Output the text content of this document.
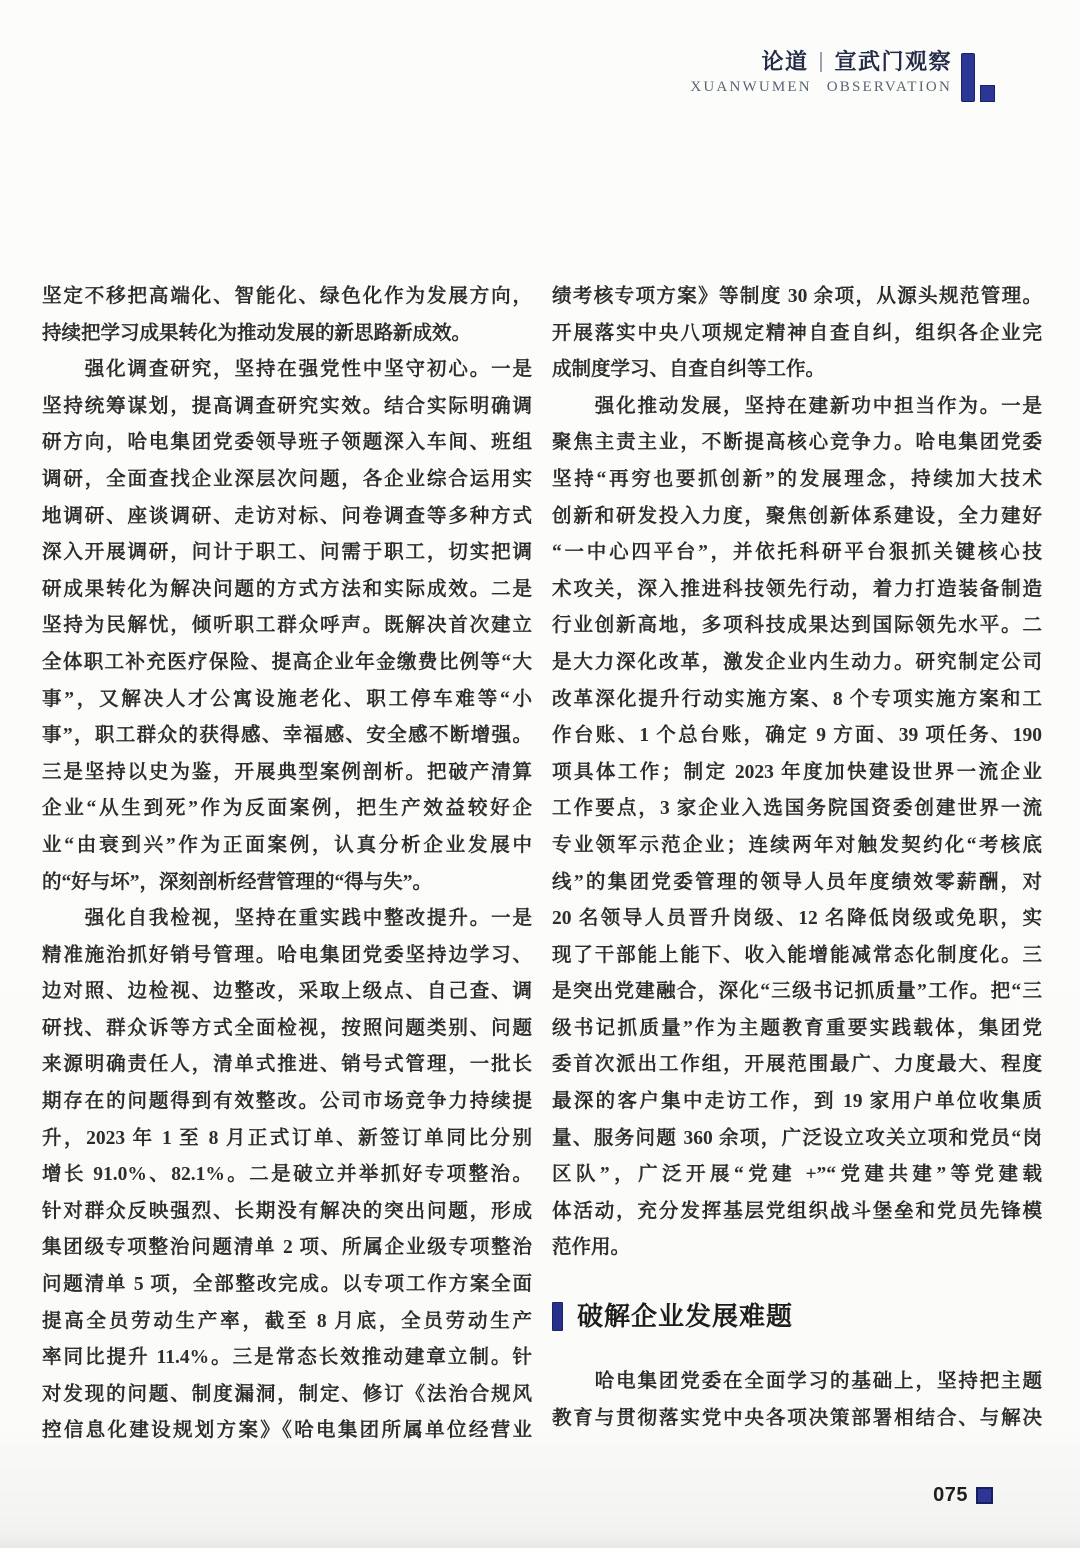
论道 宣武门观察
XUANWUMEN OBSERVATION
坚定不移把高端化、智能化、绿色化作为发展方向，
持续把学习成果转化为推动发展的新思路新成效。
　　强化调查研究，坚持在强党性中坚守初心。一是
坚持统筹谋划，提高调查研究实效。结合实际明确调
研方向，哈电集团党委领导班子领题深入车间、班组
调研，全面查找企业深层次问题，各企业综合运用实
地调研、座谈调研、走访对标、问卷调查等多种方式
深入开展调研，问计于职工、问需于职工，切实把调
研成果转化为解决问题的方式方法和实际成效。二是
坚持为民解忧，倾听职工群众呼声。既解决首次建立
全体职工补充医疗保险、提高企业年金缴费比例等“大
事”，又解决人才公寓设施老化、职工停车难等“小
事”，职工群众的获得感、幸福感、安全感不断增强。
三是坚持以史为鉴，开展典型案例剖析。把破产清算
企业“从生到死”作为反面案例，把生产效益较好企
业“由衰到兴”作为正面案例，认真分析企业发展中
的“好与坏”，深刻剖析经营管理的“得与失”。
　　强化自我检视，坚持在重实践中整改提升。一是
精准施治抓好销号管理。哈电集团党委坚持边学习、
边对照、边检视、边整改，采取上级点、自己查、调
研找、群众诉等方式全面检视，按照问题类别、问题
来源明确责任人，清单式推进、销号式管理，一批长
期存在的问题得到有效整改。公司市场竞争力持续提
升，2023 年 1 至 8 月正式订单、新签订单同比分别
增长 91.0%、82.1%。二是破立并举抓好专项整治。
针对群众反映强烈、长期没有解决的突出问题，形成
集团级专项整治问题清单 2 项、所属企业级专项整治
问题清单 5 项，全部整改完成。以专项工作方案全面
提高全员劳动生产率，截至 8 月底，全员劳动生产
率同比提升 11.4%。三是常态长效推动建章立制。针
对发现的问题、制度漏洞，制定、修订《法治合规风
控信息化建设规划方案》《哈电集团所属单位经营业
绩考核专项方案》等制度 30 余项，从源头规范管理。
开展落实中央八项规定精神自查自纠，组织各企业完
成制度学习、自查自纠等工作。
　　强化推动发展，坚持在建新功中担当作为。一是
聚焦主责主业，不断提高核心竞争力。哈电集团党委
坚持“再穷也要抓创新”的发展理念，持续加大技术
创新和研发投入力度，聚焦创新体系建设，全力建好
“一中心四平台”，并依托科研平台狠抓关键核心技
术攻关，深入推进科技领先行动，着力打造装备制造
行业创新高地，多项科技成果达到国际领先水平。二
是大力深化改革，激发企业内生动力。研究制定公司
改革深化提升行动实施方案、8 个专项实施方案和工
作台账、1 个总台账，确定 9 方面、39 项任务、190
项具体工作；制定 2023 年度加快建设世界一流企业
工作要点，3 家企业入选国务院国资委创建世界一流
专业领军示范企业；连续两年对触发契约化“考核底
线”的集团党委管理的领导人员年度绩效零薪酬，对
20 名领导人员晋升岗级、12 名降低岗级或免职，实
现了干部能上能下、收入能增能减常态化制度化。三
是突出党建融合，深化“三级书记抓质量”工作。把“三
级书记抓质量”作为主题教育重要实践载体，集团党
委首次派出工作组，开展范围最广、力度最大、程度
最深的客户集中走访工作，到 19 家用户单位收集质
量、服务问题 360 余项，广泛设立攻关立项和党员“岗
区队”，广泛开展“党建 +”“党建共建”等党建载
体活动，充分发挥基层党组织战斗堡垒和党员先锋模
范作用。
破解企业发展难题
　　哈电集团党委在全面学习的基础上，坚持把主题
教育与贯彻落实党中央各项决策部署相结合、与解决
075
